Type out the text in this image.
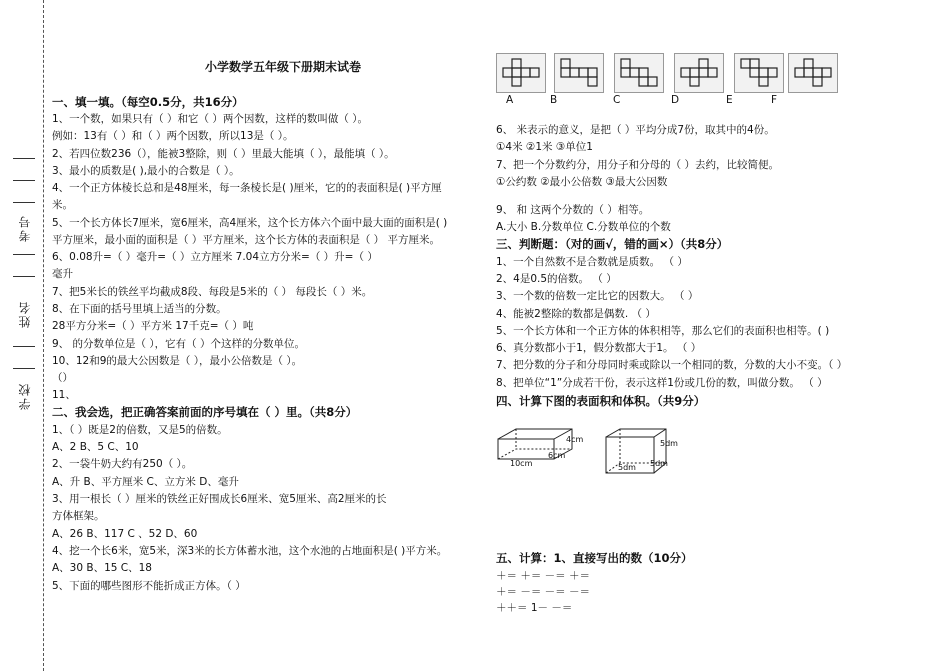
考号
姓名
学校
小学数学五年级下册期末试卷
一、填一填。（每空0.5分，共16分）
1、一个数，如果只有（ ）和它（ ）两个因数，这样的数叫做（ ）。
例如：13有（ ）和（ ）两个因数，所以13是（ ）。
2、若四位数236（），能被3整除，则（ ）里最大能填（ ），最能填（ ）。
3、最小的质数是( ),最小的合数是（ ）。
4、一个正方体棱长总和是48厘米，每一条棱长是( )厘米，它的的表面积是( )平方厘
米。
5、一个长方体长7厘米，宽6厘米，高4厘米，这个长方体六个面中最大面的面积是( )
平方厘米，最小面的面积是（ ）平方厘米，这个长方体的表面积是（ ） 平方厘米。
6、0.08升=（ ）毫升=（ ）立方厘米 7.04立方分米=（ ）升=（ ）
毫升
7、把5米长的铁丝平均截成8段、每段是5米的（ ） 每段长（ ）米。
8、在下面的括号里填上适当的分数。
28平方分米=（ ）平方米 17千克=（ ）吨
9、 的分数单位是（ ），它有（ ）个这样的分数单位。
10、12和9的最大公因数是（ ），最小公倍数是（ ）。
（）
11、
二、我会选，把正确答案前面的序号填在（ ）里。（共8分）
1、（ ）既是2的倍数，又是5的倍数。
A、2 B、5 C、10
2、一袋牛奶大约有250（ ）。
A、升 B、平方厘米 C、立方米 D、毫升
3、用一根长（ ）厘米的铁丝正好围成长6厘米、宽5厘米、高2厘米的长
方体框架。
A、26 B、117 C 、52 D、60
4、挖一个长6米，宽5米，深3米的长方体蓄水池，这个水池的占地面积是( )平方米。
A、30 B、15 C、18
5、下面的哪些图形不能折成正方体。（ ）
A	B	C	D	E	F
6、 米表示的意义，是把（ ）平均分成7份，取其中的4份。
①4米 ②1米 ③单位1
7、把一个分数约分，用分子和分母的（ ）去约，比较简便。
①公约数 ②最小公倍数 ③最大公因数
9、 和 这两个分数的（ ）相等。
A.大小 B.分数单位 C.分数单位的个数
三、判断题：（对的画√，错的画×）（共8分）
1、一个自然数不是合数就是质数。 （ ）
2、4是0.5的倍数。 （ ）
3、一个数的倍数一定比它的因数大。 （ ）
4、能被2整除的数都是偶数. （ ）
5、一个长方体和一个正方体的体积相等，那么它们的表面积也相等。( )
6、真分数都小于1，假分数都大于1。 （ ）
7、把分数的分子和分母同时乘或除以一个相同的数，分数的大小不变。（ ）
8、把单位“1”分成若干份，表示这样1份或几份的数，叫做分数。 （ ）
四、计算下图的表面积和体积。（共9分）
五、计算：1、直接写出的数（10分）
＋＝ ＋＝ －＝ ＋＝
＋＝ －＝ －＝ －＝
＋＋＝ 1－ －＝
10cm
6cm
4cm
5dm 5dm
5dm
